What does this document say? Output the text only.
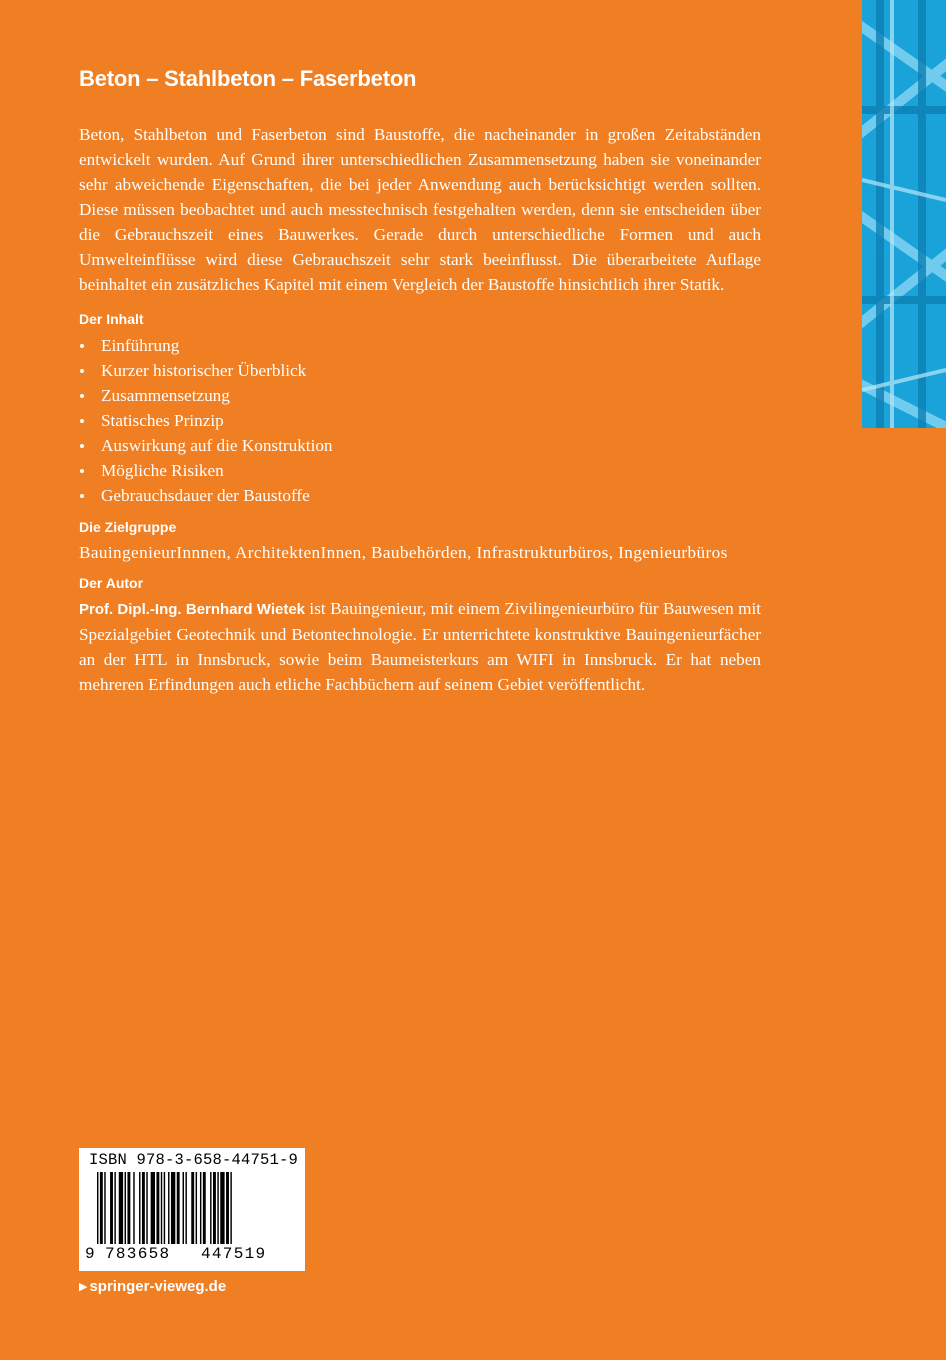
Beton – Stahlbeton – Faserbeton

Beton, Stahlbeton und Faserbeton sind Baustoffe, die nacheinander in großen Zeitabständen entwickelt wurden. Auf Grund ihrer unterschiedlichen Zusammensetzung haben sie voneinander sehr abweichende Eigenschaften, die bei jeder Anwendung auch berücksichtigt werden sollten. Diese müssen beobachtet und auch messtechnisch festgehalten werden, denn sie entscheiden über die Gebrauchszeit eines Bauwerkes. Gerade durch unterschiedliche Formen und auch Umwelteinflüsse wird diese Gebrauchszeit sehr stark beeinflusst. Die überarbeitete Auflage beinhaltet ein zusätzliches Kapitel mit einem Vergleich der Baustoffe hinsichtlich ihrer Statik.

Der Inhalt
Einführung
Kurzer historischer Überblick
Zusammensetzung
Statisches Prinzip
Auswirkung auf die Konstruktion
Mögliche Risiken
Gebrauchsdauer der Baustoffe
Die Zielgruppe

BauingenieurInnnen, ArchitektenInnen, Baubehörden, Infrastrukturbüros, Ingenieurbüros

Der Autor

Prof. Dipl.-Ing. Bernhard Wietek ist Bauingenieur, mit einem Zivilingenieurbüro für Bauwesen mit Spezialgebiet Geotechnik und Betontechnologie. Er unterrichtete konstruktive Bauingenieurfächer an der HTL in Innsbruck, sowie beim Baumeisterkurs am WIFI in Innsbruck. Er hat neben mehreren Erfindungen auch etliche Fachbüchern auf seinem Gebiet veröffentlicht.

ISBN 978-3-658-44751-9
9 783658 447519
▶ springer-vieweg.de
